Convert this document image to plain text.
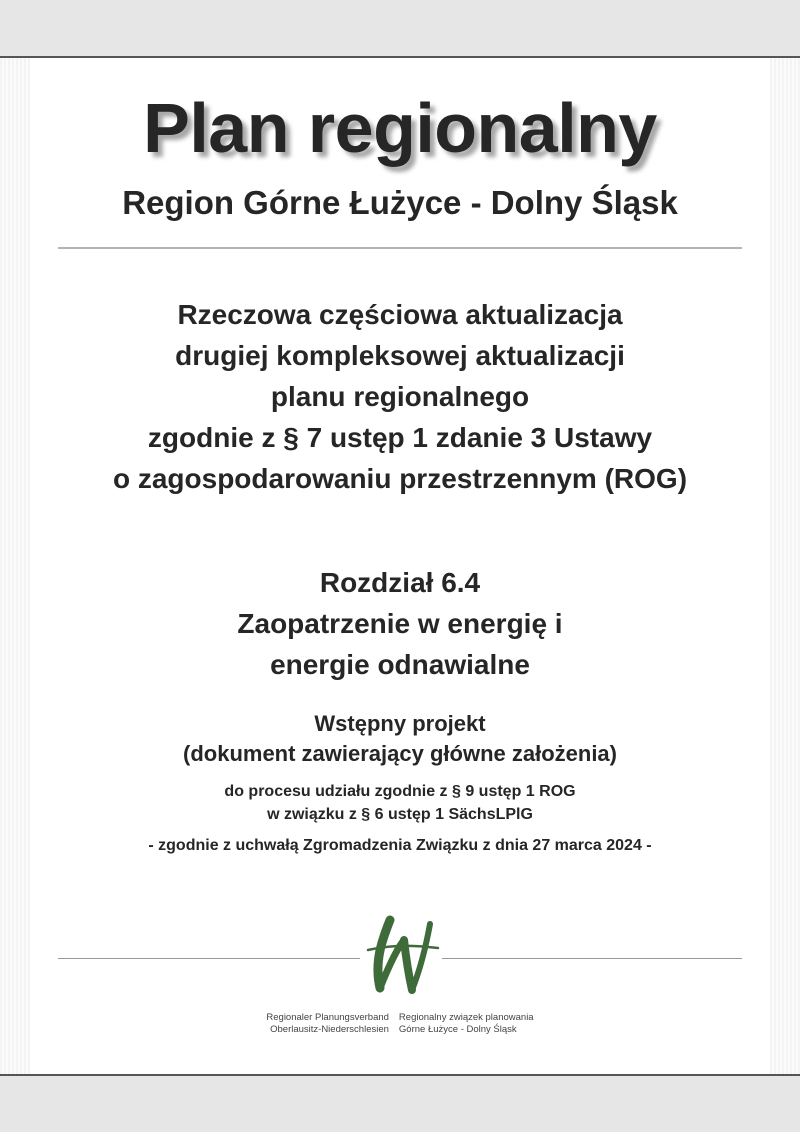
Plan regionalny
Region Górne Łużyce - Dolny Śląsk

Rzeczowa częściowa aktualizacja
drugiej kompleksowej aktualizacji
planu regionalnego
zgodnie z § 7 ustęp 1 zdanie 3 Ustawy
o zagospodarowaniu przestrzennym (ROG)

Rozdział 6.4
Zaopatrzenie w energię i
energie odnawialne

Wstępny projekt
(dokument zawierający główne założenia)

do procesu udziału zgodnie z § 9 ustęp 1 ROG
w związku z § 6 ustęp 1 SächsLPlG

- zgodnie z uchwałą Zgromadzenia Związku z dnia 27 marca 2024 -

Regionaler Planungsverband
Oberlausitz-Niederschlesien
Regionalny związek planowania
Górne Łużyce - Dolny Śląsk
